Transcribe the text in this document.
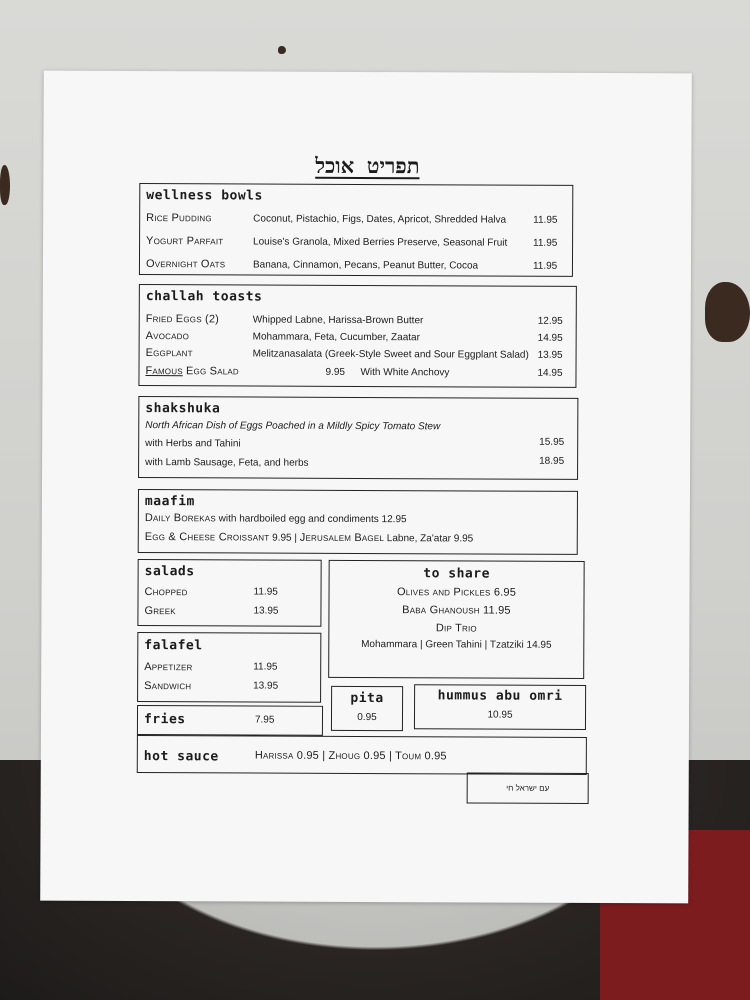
תפריט אוכל
wellness bowls
Rice Pudding	Coconut, Pistachio, Figs, Dates, Apricot, Shredded Halva	11.95
Yogurt Parfait	Louise's Granola, Mixed Berries Preserve, Seasonal Fruit	11.95
Overnight Oats	Banana, Cinnamon, Pecans, Peanut Butter, Cocoa	11.95
challah toasts
Fried Eggs (2)	Whipped Labne, Harissa-Brown Butter	12.95
Avocado	Mohammara, Feta, Cucumber, Zaatar	14.95
Eggplant	Melitzanasalata (Greek-Style Sweet and Sour Eggplant Salad) 13.95
Famous Egg Salad	9.95 With White Anchovy	14.95
shakshuka
North African Dish of Eggs Poached in a Mildly Spicy Tomato Stew
with Herbs and Tahini	15.95
with Lamb Sausage, Feta, and herbs	18.95
maafim
Daily Borekas with hardboiled egg and condiments 12.95
Egg & Cheese Croissant 9.95 | Jerusalem Bagel Labne, Za'atar 9.95
salads
Chopped	11.95
Greek	13.95
falafel
Appetizer	11.95
Sandwich	13.95
fries	7.95
to share
Olives and Pickles 6.95
Baba Ghanoush 11.95
Dip Trio
Mohammara | Green Tahini | Tzatziki 14.95
pita
0.95
hummus abu omri
10.95
hot sauce	Harissa 0.95 | Zhoug 0.95 | Toum 0.95
עם ישראל חי
